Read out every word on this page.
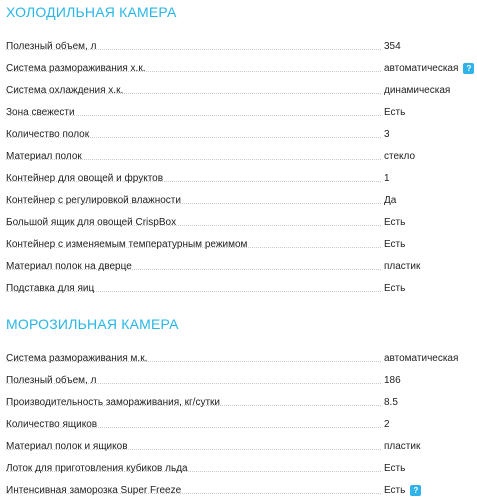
ХОЛОДИЛЬНАЯ КАМЕРА
Полезный объем, л	354
Система размораживания х.к.	автоматическая ?
Система охлаждения х.к.	динамическая
Зона свежести	Есть
Количество полок	3
Материал полок	стекло
Контейнер для овощей и фруктов	1
Контейнер с регулировкой влажности	Да
Большой ящик для овощей CrispBox	Есть
Контейнер с изменяемым температурным режимом	Есть
Материал полок на дверце	пластик
Подставка для яиц	Есть
МОРОЗИЛЬНАЯ КАМЕРА
Система размораживания м.к.	автоматическая
Полезный объем, л	186
Производительность замораживания, кг/сутки	8.5
Количество ящиков	2
Материал полок и ящиков	пластик
Лоток для приготовления кубиков льда	Есть
Интенсивная заморозка Super Freeze	Есть ?
